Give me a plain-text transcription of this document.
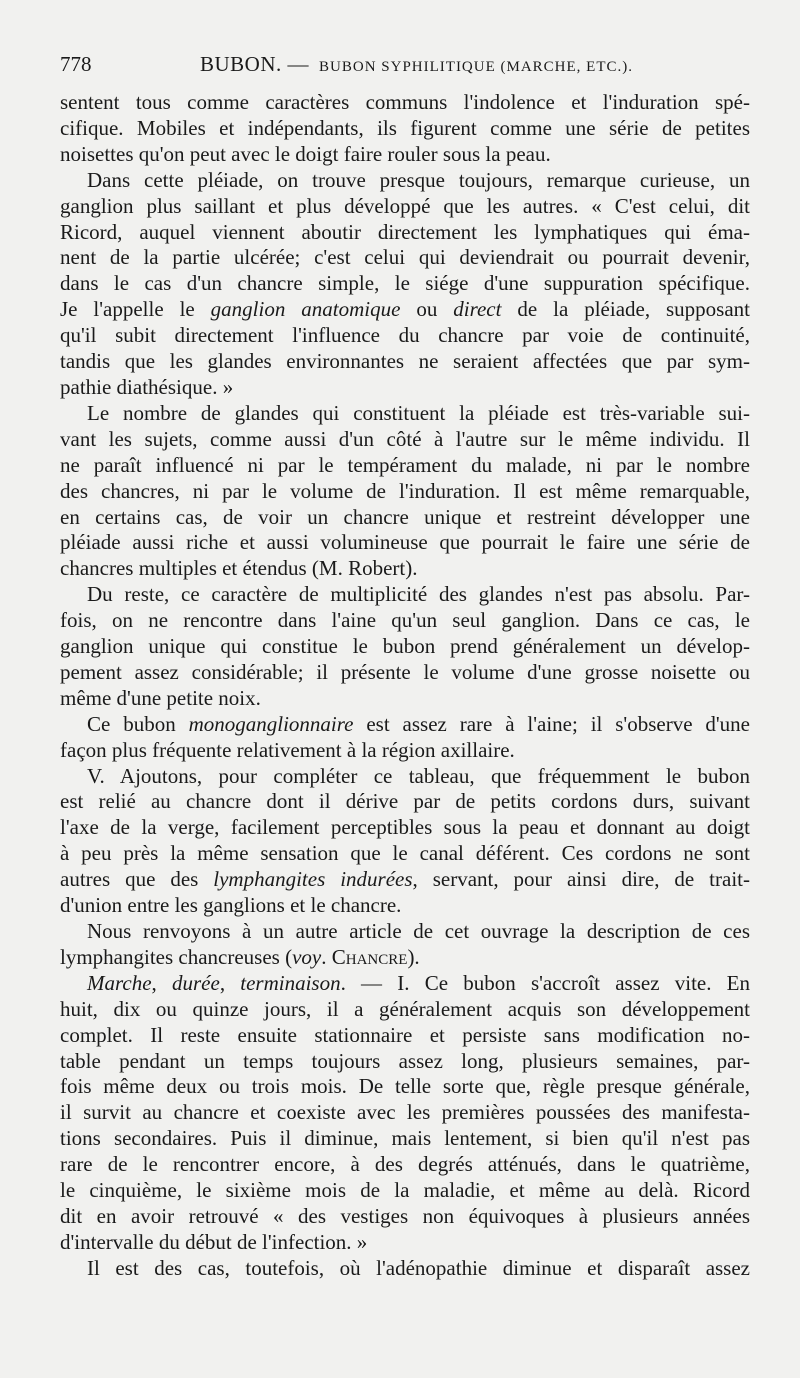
778	BUBON. — BUBON SYPHILITIQUE (MARCHE, ETC.).

sentent tous comme caractères communs l'indolence et l'induration spé-

cifique. Mobiles et indépendants, ils figurent comme une série de petites

noisettes qu'on peut avec le doigt faire rouler sous la peau.

Dans cette pléiade, on trouve presque toujours, remarque curieuse, un

ganglion plus saillant et plus développé que les autres. « C'est celui, dit

Ricord, auquel viennent aboutir directement les lymphatiques qui éma-

nent de la partie ulcérée; c'est celui qui deviendrait ou pourrait devenir,

dans le cas d'un chancre simple, le siége d'une suppuration spécifique.

Je l'appelle le ganglion anatomique ou direct de la pléiade, supposant

qu'il subit directement l'influence du chancre par voie de continuité,

tandis que les glandes environnantes ne seraient affectées que par sym-

pathie diathésique. »

Le nombre de glandes qui constituent la pléiade est très-variable sui-

vant les sujets, comme aussi d'un côté à l'autre sur le même individu. Il

ne paraît influencé ni par le tempérament du malade, ni par le nombre

des chancres, ni par le volume de l'induration. Il est même remarquable,

en certains cas, de voir un chancre unique et restreint développer une

pléiade aussi riche et aussi volumineuse que pourrait le faire une série de

chancres multiples et étendus (M. Robert).

Du reste, ce caractère de multiplicité des glandes n'est pas absolu. Par-

fois, on ne rencontre dans l'aine qu'un seul ganglion. Dans ce cas, le

ganglion unique qui constitue le bubon prend généralement un dévelop-

pement assez considérable; il présente le volume d'une grosse noisette ou

même d'une petite noix.

Ce bubon monoganglionnaire est assez rare à l'aine; il s'observe d'une

façon plus fréquente relativement à la région axillaire.

V. Ajoutons, pour compléter ce tableau, que fréquemment le bubon

est relié au chancre dont il dérive par de petits cordons durs, suivant

l'axe de la verge, facilement perceptibles sous la peau et donnant au doigt

à peu près la même sensation que le canal déférent. Ces cordons ne sont

autres que des lymphangites indurées, servant, pour ainsi dire, de trait-

d'union entre les ganglions et le chancre.

Nous renvoyons à un autre article de cet ouvrage la description de ces

lymphangites chancreuses (voy. Chancre).

Marche, durée, terminaison. — I. Ce bubon s'accroît assez vite. En

huit, dix ou quinze jours, il a généralement acquis son développement

complet. Il reste ensuite stationnaire et persiste sans modification no-

table pendant un temps toujours assez long, plusieurs semaines, par-

fois même deux ou trois mois. De telle sorte que, règle presque générale,

il survit au chancre et coexiste avec les premières poussées des manifesta-

tions secondaires. Puis il diminue, mais lentement, si bien qu'il n'est pas

rare de le rencontrer encore, à des degrés atténués, dans le quatrième,

le cinquième, le sixième mois de la maladie, et même au delà. Ricord

dit en avoir retrouvé « des vestiges non équivoques à plusieurs années

d'intervalle du début de l'infection. »

Il est des cas, toutefois, où l'adénopathie diminue et disparaît assez
